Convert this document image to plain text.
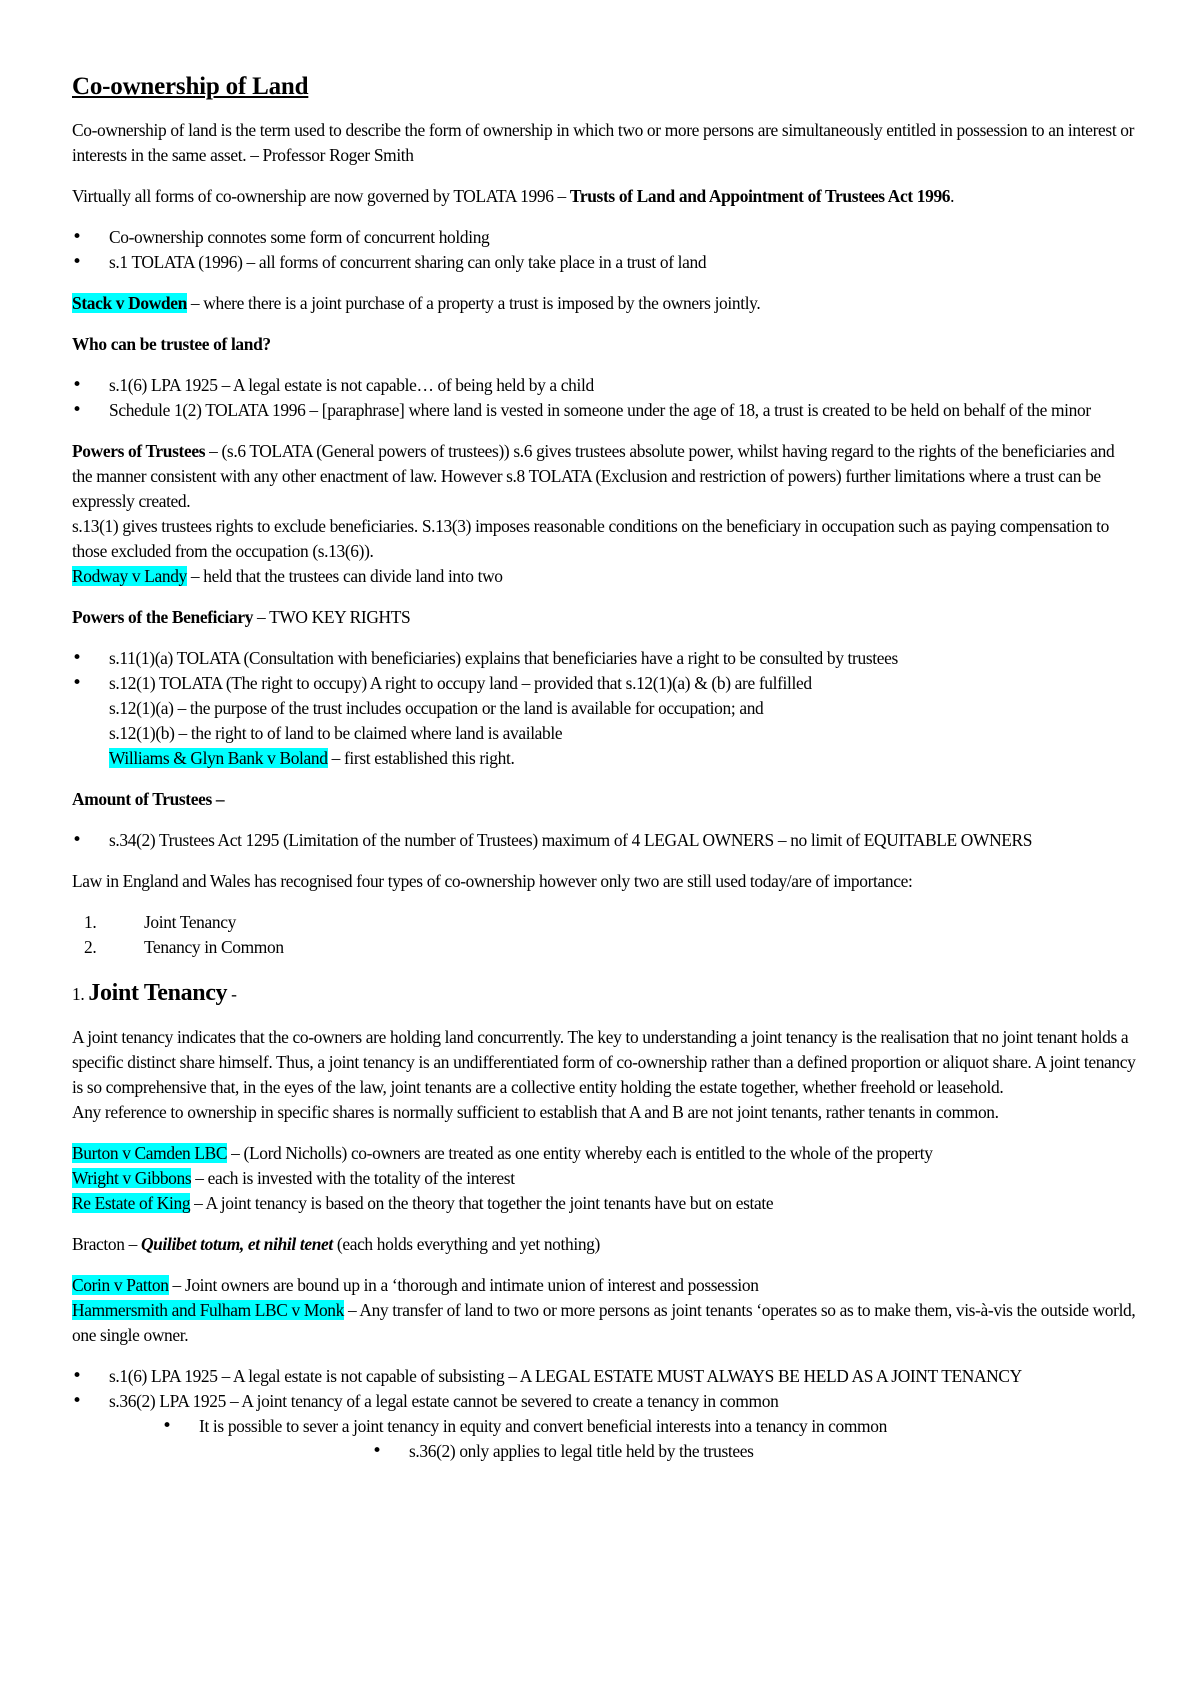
Co-ownership of Land

Co-ownership of land is the term used to describe the form of ownership in which two or more persons are simultaneously entitled in possession to an interest or interests in the same asset. – Professor Roger Smith

Virtually all forms of co-ownership are now governed by TOLATA 1996 – Trusts of Land and Appointment of Trustees Act 1996.

• Co-ownership connotes some form of concurrent holding
• s.1 TOLATA (1996) – all forms of concurrent sharing can only take place in a trust of land

Stack v Dowden – where there is a joint purchase of a property a trust is imposed by the owners jointly.

Who can be trustee of land?

• s.1(6) LPA 1925 – A legal estate is not capable… of being held by a child
• Schedule 1(2) TOLATA 1996 – [paraphrase] where land is vested in someone under the age of 18, a trust is created to be held on behalf of the minor

Powers of Trustees – (s.6 TOLATA (General powers of trustees)) s.6 gives trustees absolute power, whilst having regard to the rights of the beneficiaries and the manner consistent with any other enactment of law. However s.8 TOLATA (Exclusion and restriction of powers) further limitations where a trust can be expressly created.

s.13(1) gives trustees rights to exclude beneficiaries. S.13(3) imposes reasonable conditions on the beneficiary in occupation such as paying compensation to those excluded from the occupation (s.13(6)).

Rodway v Landy – held that the trustees can divide land into two

Powers of the Beneficiary – TWO KEY RIGHTS

• s.11(1)(a) TOLATA (Consultation with beneficiaries) explains that beneficiaries have a right to be consulted by trustees
• s.12(1) TOLATA (The right to occupy) A right to occupy land – provided that s.12(1)(a) & (b) are fulfilled
s.12(1)(a) – the purpose of the trust includes occupation or the land is available for occupation; and
s.12(1)(b) – the right to of land to be claimed where land is available
Williams & Glyn Bank v Boland – first established this right.

Amount of Trustees –

• s.34(2) Trustees Act 1295 (Limitation of the number of Trustees) maximum of 4 LEGAL OWNERS – no limit of EQUITABLE OWNERS

Law in England and Wales has recognised four types of co-ownership however only two are still used today/are of importance:

1.	Joint Tenancy
2.	Tenancy in Common
1. Joint Tenancy -

A joint tenancy indicates that the co-owners are holding land concurrently. The key to understanding a joint tenancy is the realisation that no joint tenant holds a specific distinct share himself. Thus, a joint tenancy is an undifferentiated form of co-ownership rather than a defined proportion or aliquot share. A joint tenancy is so comprehensive that, in the eyes of the law, joint tenants are a collective entity holding the estate together, whether freehold or leasehold.

Any reference to ownership in specific shares is normally sufficient to establish that A and B are not joint tenants, rather tenants in common.

Burton v Camden LBC – (Lord Nicholls) co-owners are treated as one entity whereby each is entitled to the whole of the property
Wright v Gibbons – each is invested with the totality of the interest
Re Estate of King – A joint tenancy is based on the theory that together the joint tenants have but on estate

Bracton – Quilibet totum, et nihil tenet (each holds everything and yet nothing)

Corin v Patton – Joint owners are bound up in a ‘thorough and intimate union of interest and possession
Hammersmith and Fulham LBC v Monk – Any transfer of land to two or more persons as joint tenants ‘operates so as to make them, vis-à-vis the outside world, one single owner.

• s.1(6) LPA 1925 – A legal estate is not capable of subsisting – A LEGAL ESTATE MUST ALWAYS BE HELD AS A JOINT TENANCY
• s.36(2) LPA 1925 – A joint tenancy of a legal estate cannot be severed to create a tenancy in common
• It is possible to sever a joint tenancy in equity and convert beneficial interests into a tenancy in common
• s.36(2) only applies to legal title held by the trustees
